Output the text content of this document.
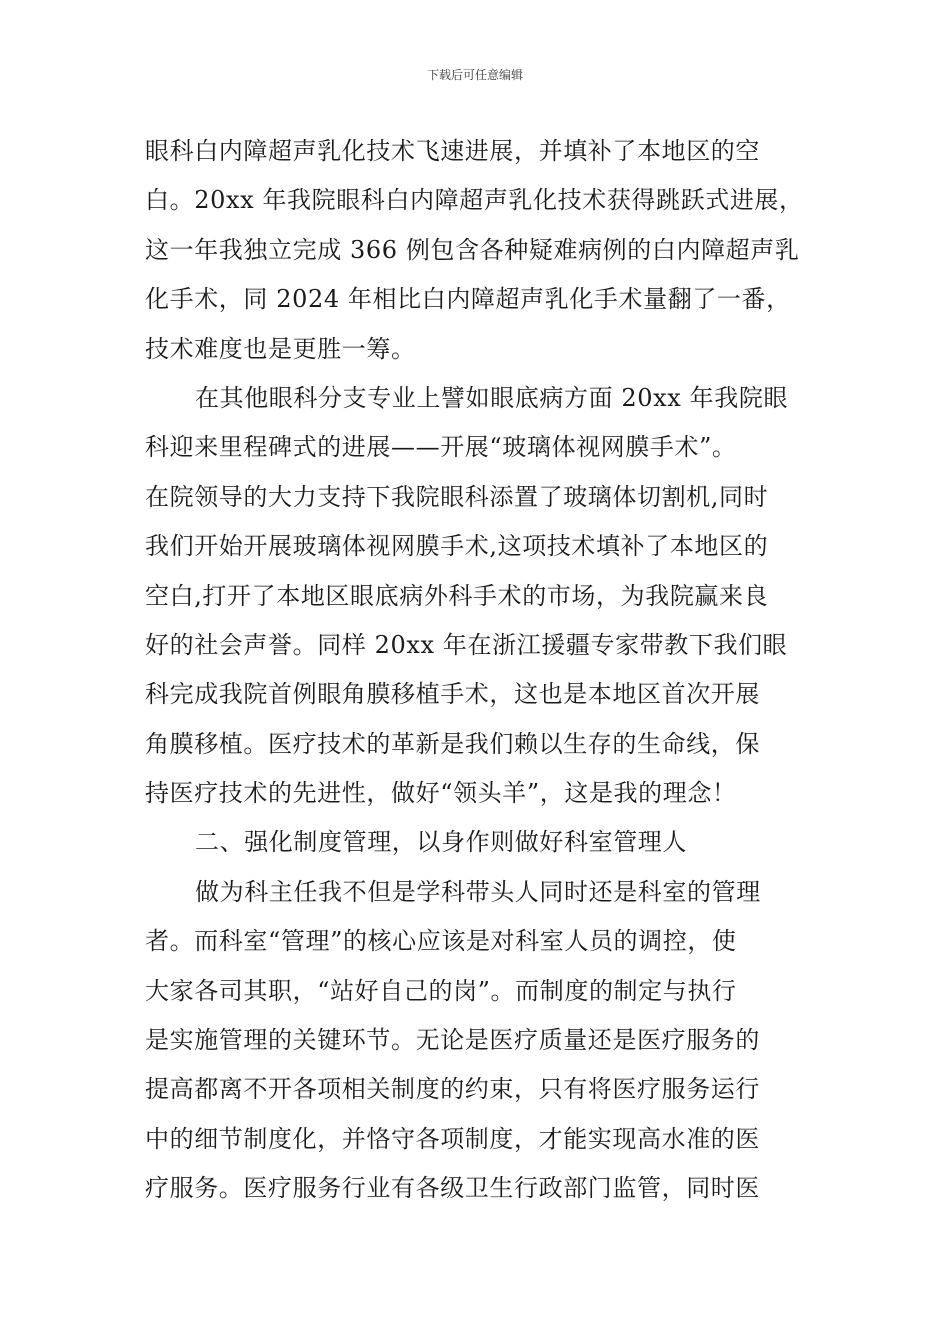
下载后可任意编辑
眼科白内障超声乳化技术飞速进展，并填补了本地区的空
白。20xx 年我院眼科白内障超声乳化技术获得跳跃式进展，
这一年我独立完成 366 例包含各种疑难病例的白内障超声乳
化手术，同 2024 年相比白内障超声乳化手术量翻了一番，
技术难度也是更胜一筹。
在其他眼科分支专业上譬如眼底病方面 20xx 年我院眼
科迎来里程碑式的进展——开展“玻璃体视网膜手术”。
在院领导的大力支持下我院眼科添置了玻璃体切割机,同时
我们开始开展玻璃体视网膜手术,这项技术填补了本地区的
空白,打开了本地区眼底病外科手术的市场，为我院赢来良
好的社会声誉。同样 20xx 年在浙江援疆专家带教下我们眼
科完成我院首例眼角膜移植手术，这也是本地区首次开展
角膜移植。医疗技术的革新是我们赖以生存的生命线，保
持医疗技术的先进性，做好“领头羊”，这是我的理念！
二、强化制度管理，以身作则做好科室管理人
做为科主任我不但是学科带头人同时还是科室的管理
者。而科室“管理”的核心应该是对科室人员的调控，使
大家各司其职，“站好自己的岗”。而制度的制定与执行
是实施管理的关键环节。无论是医疗质量还是医疗服务的
提高都离不开各项相关制度的约束，只有将医疗服务运行
中的细节制度化，并恪守各项制度，才能实现高水准的医
疗服务。医疗服务行业有各级卫生行政部门监管，同时医
